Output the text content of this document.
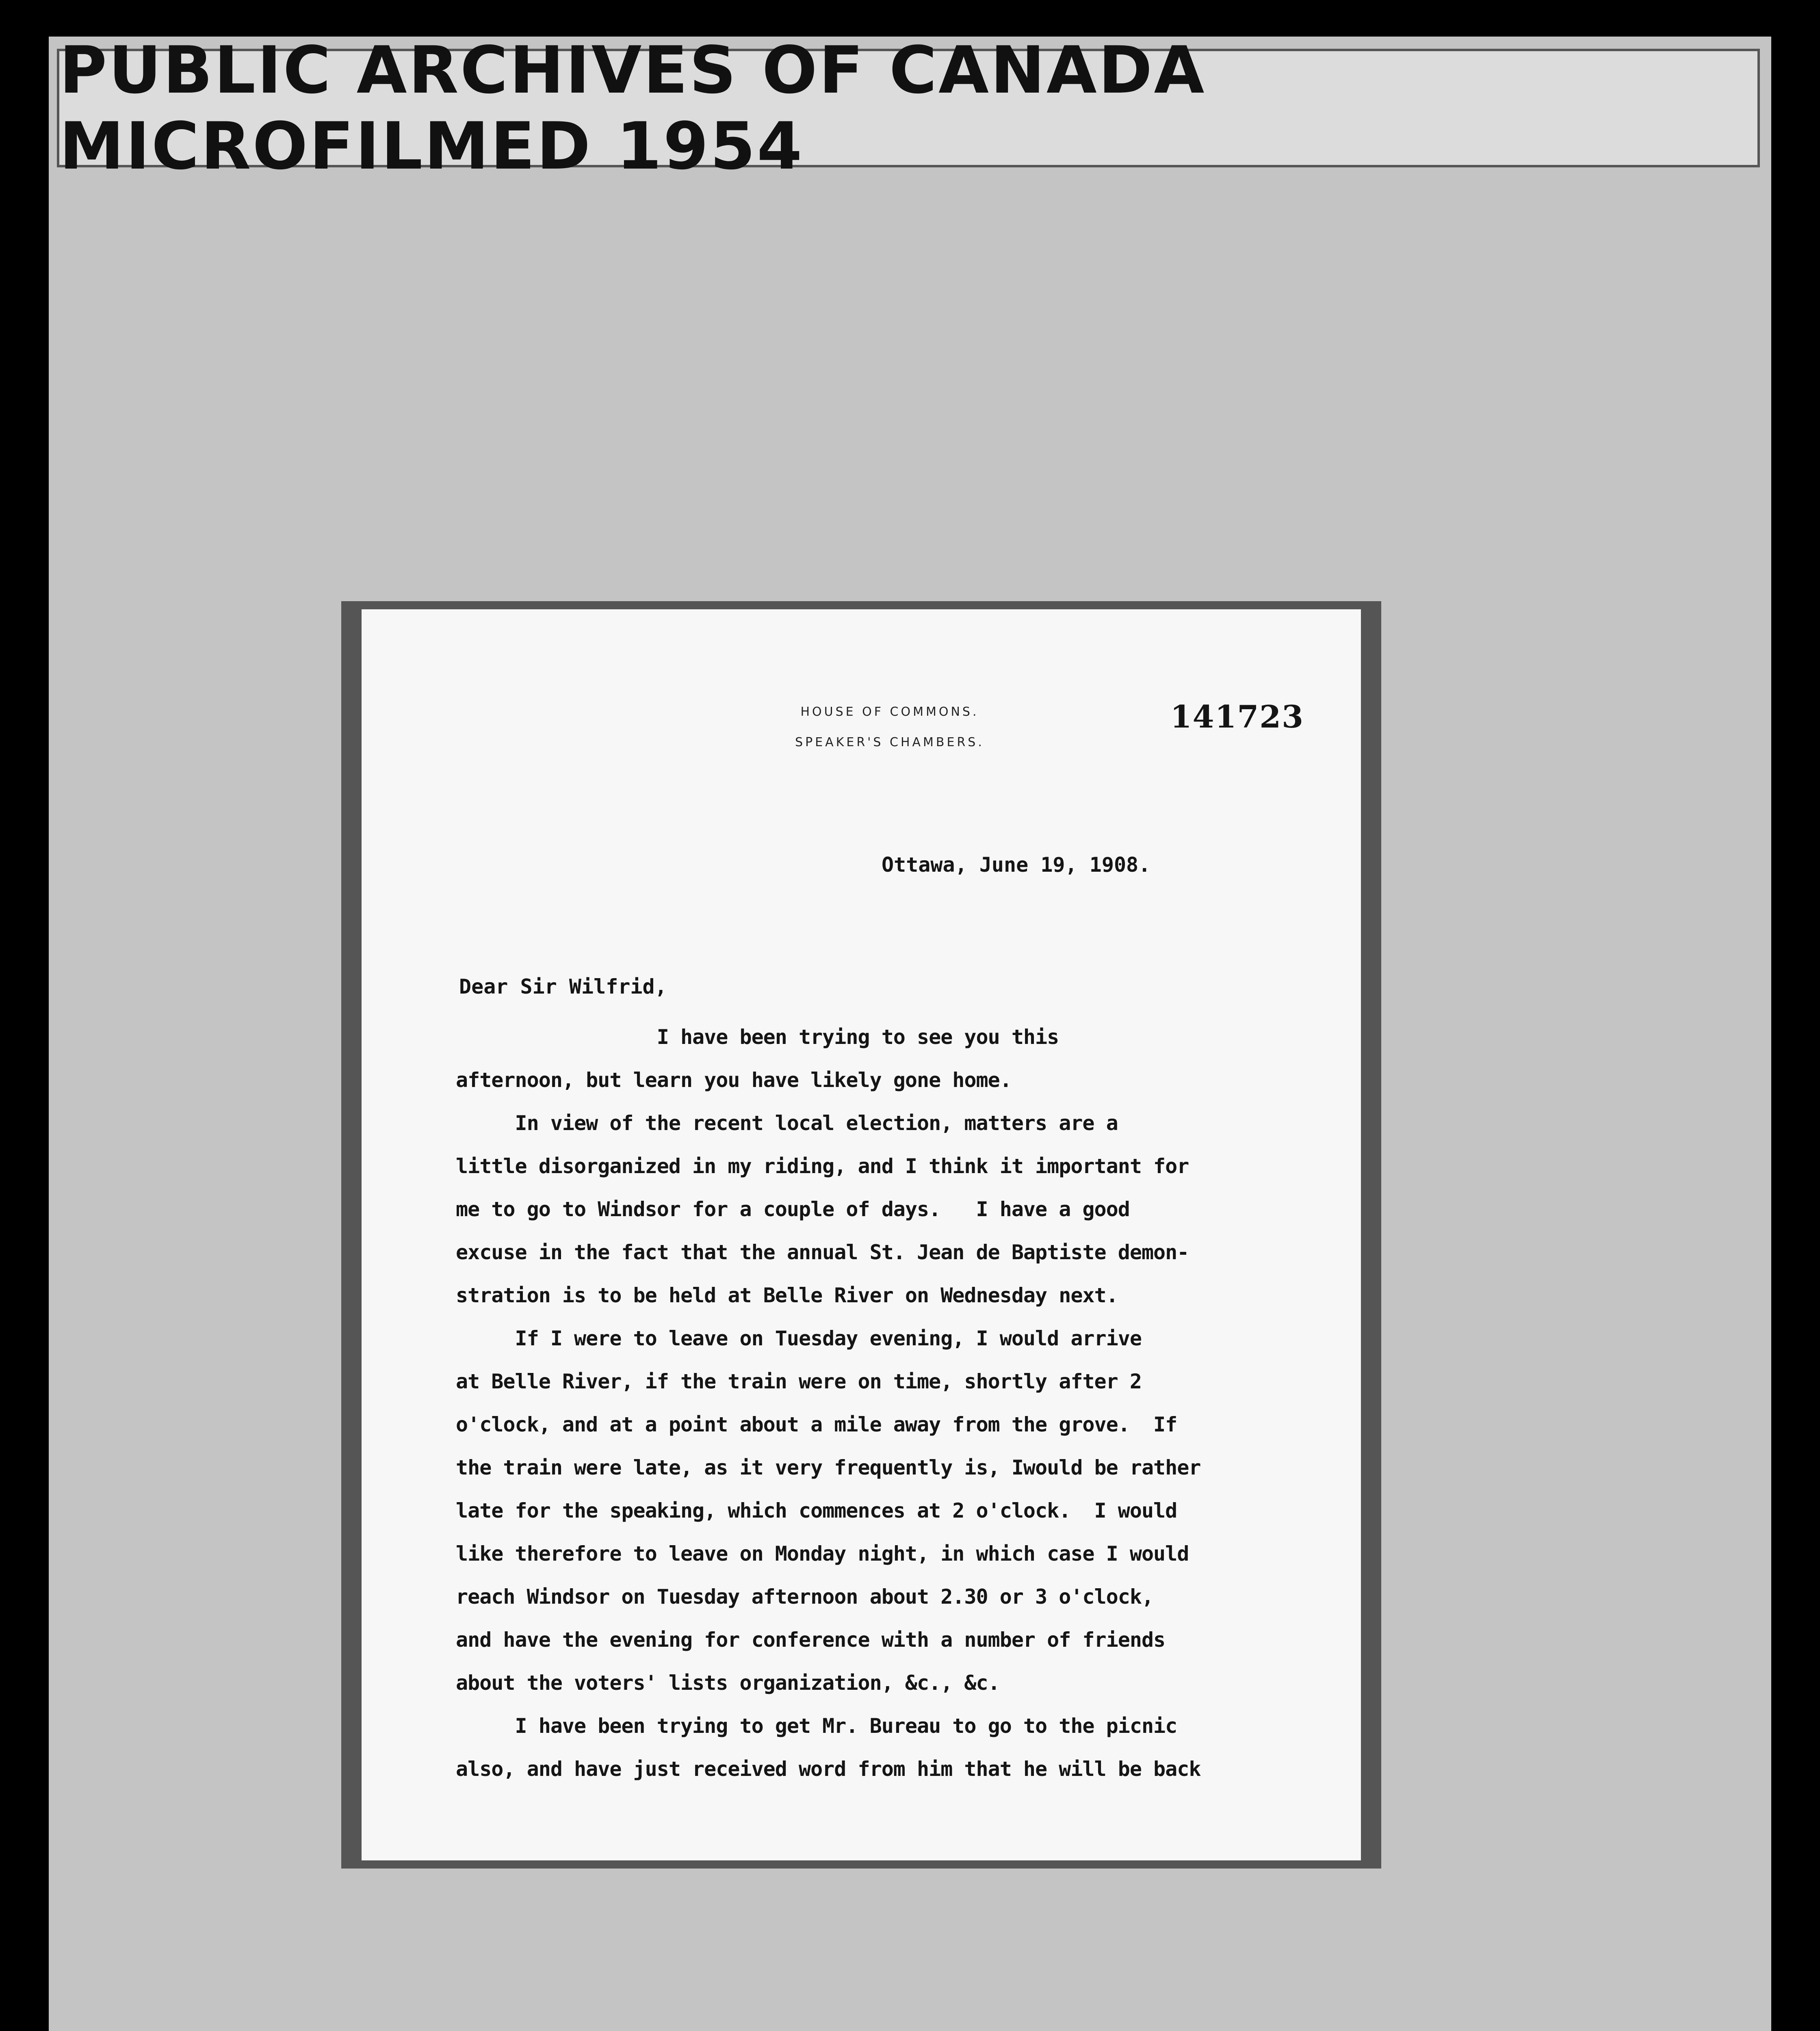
PUBLIC ARCHIVES OF CANADA MICROFILMED 1954
HOUSE OF COMMONS.
SPEAKER'S CHAMBERS.
141723
Ottawa, June 19, 1908.
Dear Sir Wilfrid,
I have been trying to see you this
afternoon, but learn you have likely gone home.
In view of the recent local election, matters are a
little disorganized in my riding, and I think it important for
me to go to Windsor for a couple of days.   I have a good
excuse in the fact that the annual St. Jean de Baptiste demon-
stration is to be held at Belle River on Wednesday next.
If I were to leave on Tuesday evening, I would arrive
at Belle River, if the train were on time, shortly after 2
o'clock, and at a point about a mile away from the grove.  If
the train were late, as it very frequently is, Iwould be rather
late for the speaking, which commences at 2 o'clock.  I would
like therefore to leave on Monday night, in which case I would
reach Windsor on Tuesday afternoon about 2.30 or 3 o'clock,
and have the evening for conference with a number of friends
about the voters' lists organization, &c., &c.
I have been trying to get Mr. Bureau to go to the picnic
also, and have just received word from him that he will be back
